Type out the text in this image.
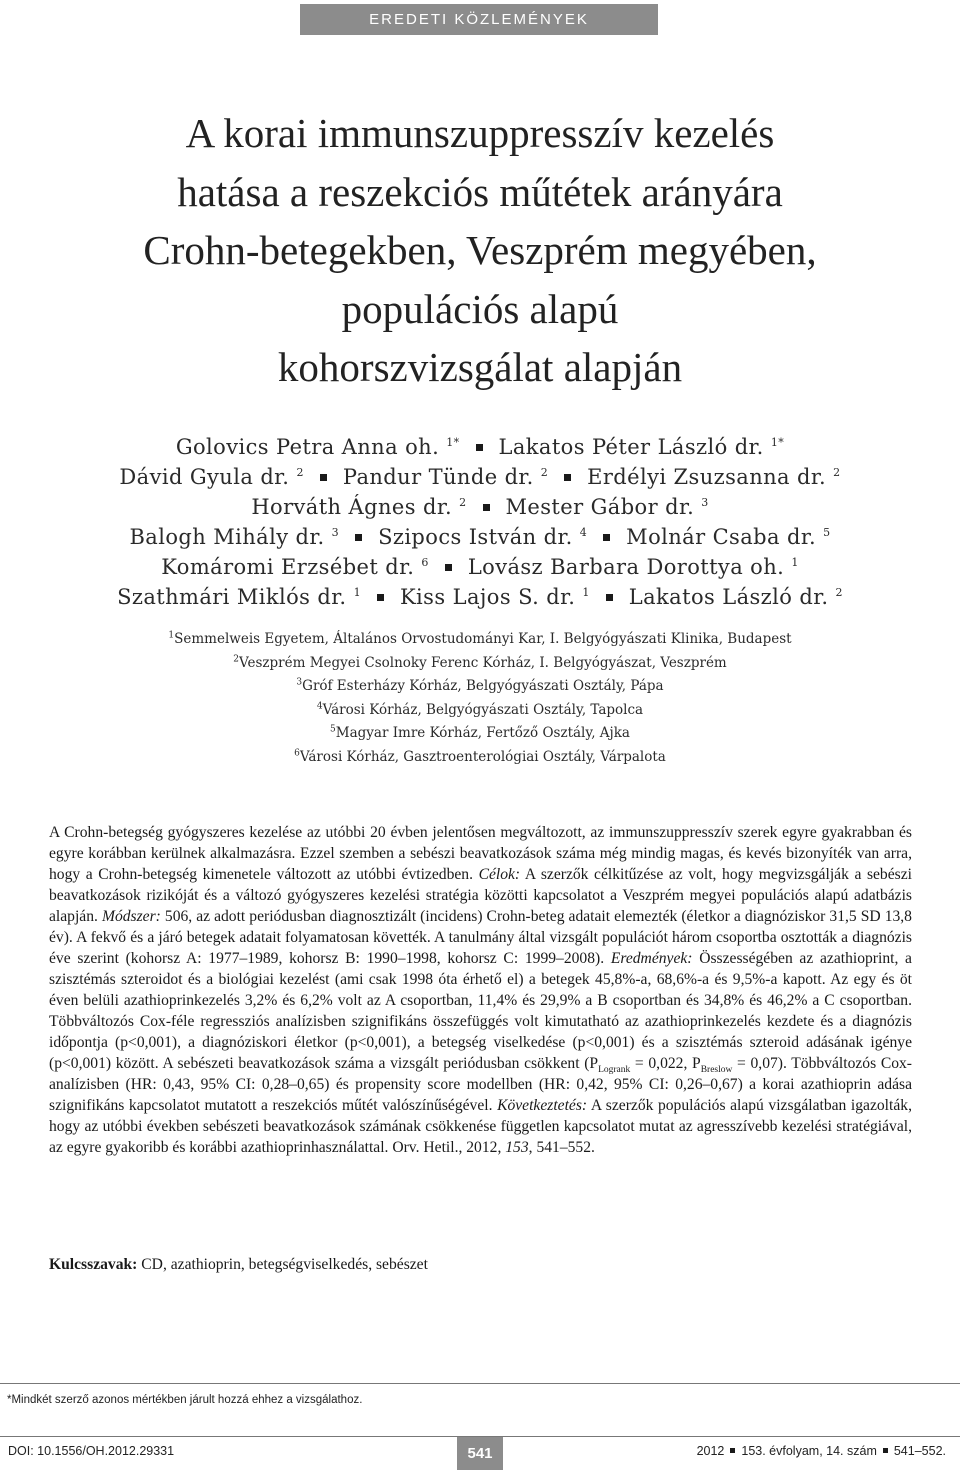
EREDETI KÖZLEMÉNYEK
A korai immunszuppresszív kezelés
hatása a reszekciós műtétek arányára
Crohn-betegekben, Veszprém megyében,
populációs alapú
kohorszvizsgálat alapján
Golovics Petra Anna oh. $^{1*}$ Lakatos Péter László dr. $^{1*}$
Dávid Gyula dr. $^2$ Pandur Tünde dr. $^2$ Erdélyi Zsuzsanna dr. $^2$
Horváth Ágnes dr. $^2$ Mester Gábor dr. $^3$
Balogh Mihály dr. $^3$ Szipocs István dr. $^4$ Molnár Csaba dr. $^5$
Komáromi Erzsébet dr. $^6$ Lovász Barbara Dorottya oh. $^1$
Szathmári Miklós dr. $^1$ Kiss Lajos S. dr. $^1$ Lakatos László dr. $^2$
$^1$Semmelweis Egyetem, Általános Orvostudományi Kar, I. Belgyógyászati Klinika, Budapest
$^2$Veszprém Megyei Csolnoky Ferenc Kórház, I. Belgyógyászat, Veszprém
$^3$Gróf Esterházy Kórház, Belgyógyászati Osztály, Pápa
$^4$Városi Kórház, Belgyógyászati Osztály, Tapolca
$^5$Magyar Imre Kórház, Fertőző Osztály, Ajka
$^6$Városi Kórház, Gasztroenterológiai Osztály, Várpalota

A Crohn-betegség gyógyszeres kezelése az utóbbi 20 évben jelentősen megváltozott, az immunszuppresszív szerek egyre gyakrabban és egyre korábban kerülnek alkalmazásra. Ezzel szemben a sebészi beavatkozások száma még mindig magas, és kevés bizonyíték van arra, hogy a Crohn-betegség kimenetele változott az utóbbi évtizedben. Célok: A szerzők célkitűzése az volt, hogy megvizsgálják a sebészi beavatkozások rizikóját és a változó gyógyszeres kezelési stratégia közötti kapcsolatot a Veszprém megyei populációs alapú adatbázis alapján. Módszer: 506, az adott periódusban diagnosztizált (incidens) Crohn-beteg adatait elemezték (életkor a diagnóziskor 31,5 SD 13,8 év). A fekvő és a járó betegek adatait folyamatosan követték. A tanulmány által vizsgált populációt három csoportba osztották a diagnózis éve szerint (kohorsz A: 1977–1989, kohorsz B: 1990–1998, kohorsz C: 1999–2008). Eredmények: Összességében az azathioprint, a szisztémás szteroidot és a biológiai kezelést (ami csak 1998 óta érhető el) a betegek 45,8%-a, 68,6%-a és 9,5%-a kapott. Az egy és öt éven belüli azathioprinkezelés 3,2% és 6,2% volt az A csoportban, 11,4% és 29,9% a B csoportban és 34,8% és 46,2% a C csoportban. Többváltozós Cox-féle regressziós analízisben szignifikáns összefüggés volt kimutatható az azathioprinkezelés kezdete és a diagnózis időpontja (p<0,001), a diagnóziskori életkor (p<0,001), a betegség viselkedése (p<0,001) és a szisztémás szteroid adásának igénye (p<0,001) között. A sebészeti beavatkozások száma a vizsgált periódusban csökkent ($P_{Logrank} = 0,022$, $P_{Breslow} = 0,07$). Többváltozós Cox-analízisben (HR: 0,43, 95% CI: 0,28–0,65) és propensity score modellben (HR: 0,42, 95% CI: 0,26–0,67) a korai azathioprin adása szignifikáns kapcsolatot mutatott a reszekciós műtét valószínűségével. Következtetés: A szerzők populációs alapú vizsgálatban igazolták, hogy az utóbbi években sebészeti beavatkozások számának csökkenése független kapcsolatot mutat az agresszívebb kezelési stratégiával, az egyre gyakoribb és korábbi azathioprinhasználattal. Orv. Hetil., 2012, 153, 541–552.

Kulcsszavak: CD, azathioprin, betegségviselkedés, sebészet
*Mindkét szerző azonos mértékben járult hozzá ehhez a vizsgálathoz.
DOI: 10.1556/OH.2012.29331	541	2012 153. évfolyam, 14. szám 541–552.
